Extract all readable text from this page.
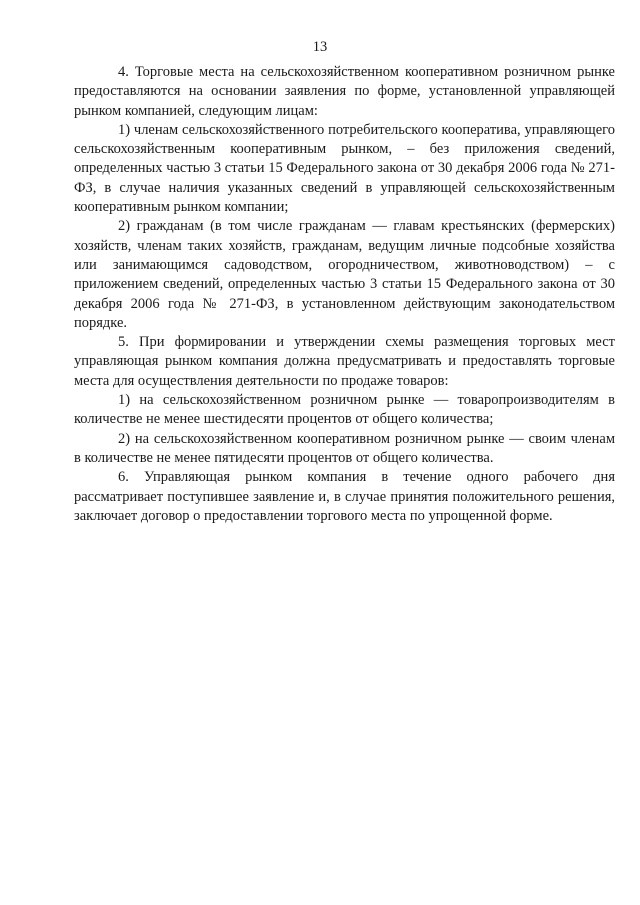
13

4. Торговые места на сельскохозяйственном кооперативном розничном рынке предоставляются на основании заявления по форме, установленной управляющей рынком компанией, следующим лицам:

1) членам сельскохозяйственного потребительского кооператива, управляющего сельскохозяйственным кооперативным рынком, – без приложения сведений, определенных частью 3 статьи 15 Федерального закона от 30 декабря 2006 года № 271-ФЗ, в случае наличия указанных сведений в управляющей сельскохозяйственным кооперативным рынком компании;

2) гражданам (в том числе гражданам — главам крестьянских (фермерских) хозяйств, членам таких хозяйств, гражданам, ведущим личные подсобные хозяйства или занимающимся садоводством, огородничеством, животноводством) – с приложением сведений, определенных частью 3 статьи 15 Федерального закона от 30 декабря 2006 года № 271-ФЗ, в установленном действующим законодательством порядке.

5. При формировании и утверждении схемы размещения торговых мест управляющая рынком компания должна предусматривать и предоставлять торговые места для осуществления деятельности по продаже товаров:

1) на сельскохозяйственном розничном рынке — товаропроизводителям в количестве не менее шестидесяти процентов от общего количества;

2) на сельскохозяйственном кооперативном розничном рынке — своим членам в количестве не менее пятидесяти процентов от общего количества.

6. Управляющая рынком компания в течение одного рабочего дня рассматривает поступившее заявление и, в случае принятия положительного решения, заключает договор о предоставлении торгового места по упрощенной форме.
